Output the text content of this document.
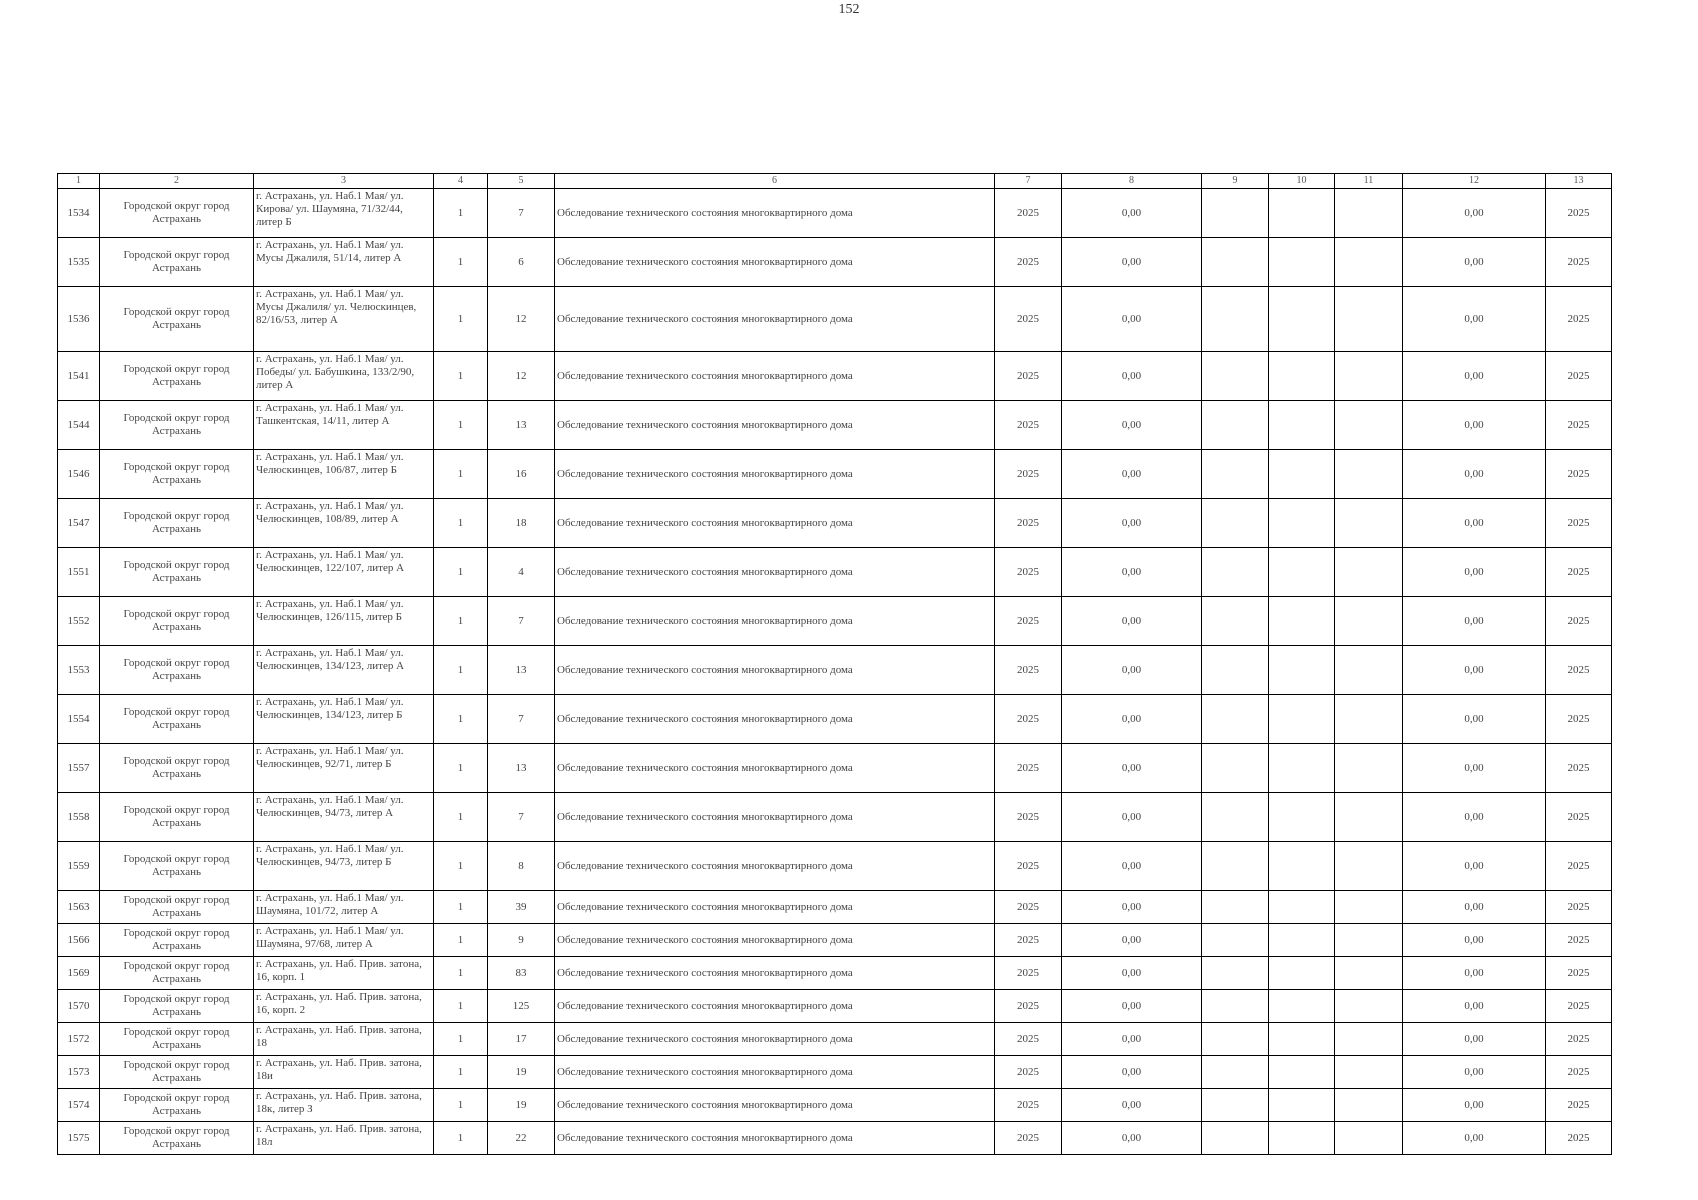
152
1	2	3	4	5	6	7	8	9	10	11	12	13
1534	Городской округ город Астрахань	г. Астрахань, ул. Наб.1 Мая/ ул. Кирова/ ул. Шаумяна, 71/32/44, литер Б	1	7	Обследование технического состояния многоквартирного дома	2025	0,00				0,00	2025
1535	Городской округ город Астрахань	г. Астрахань, ул. Наб.1 Мая/ ул. Мусы Джалиля, 51/14, литер А	1	6	Обследование технического состояния многоквартирного дома	2025	0,00				0,00	2025
1536	Городской округ город Астрахань	г. Астрахань, ул. Наб.1 Мая/ ул. Мусы Джалиля/ ул. Челюскинцев, 82/16/53, литер А	1	12	Обследование технического состояния многоквартирного дома	2025	0,00				0,00	2025
1541	Городской округ город Астрахань	г. Астрахань, ул. Наб.1 Мая/ ул. Победы/ ул. Бабушкина, 133/2/90, литер А	1	12	Обследование технического состояния многоквартирного дома	2025	0,00				0,00	2025
1544	Городской округ город Астрахань	г. Астрахань, ул. Наб.1 Мая/ ул. Ташкентская, 14/11, литер А	1	13	Обследование технического состояния многоквартирного дома	2025	0,00				0,00	2025
1546	Городской округ город Астрахань	г. Астрахань, ул. Наб.1 Мая/ ул. Челюскинцев, 106/87, литер Б	1	16	Обследование технического состояния многоквартирного дома	2025	0,00				0,00	2025
1547	Городской округ город Астрахань	г. Астрахань, ул. Наб.1 Мая/ ул. Челюскинцев, 108/89, литер А	1	18	Обследование технического состояния многоквартирного дома	2025	0,00				0,00	2025
1551	Городской округ город Астрахань	г. Астрахань, ул. Наб.1 Мая/ ул. Челюскинцев, 122/107, литер А	1	4	Обследование технического состояния многоквартирного дома	2025	0,00				0,00	2025
1552	Городской округ город Астрахань	г. Астрахань, ул. Наб.1 Мая/ ул. Челюскинцев, 126/115, литер Б	1	7	Обследование технического состояния многоквартирного дома	2025	0,00				0,00	2025
1553	Городской округ город Астрахань	г. Астрахань, ул. Наб.1 Мая/ ул. Челюскинцев, 134/123, литер А	1	13	Обследование технического состояния многоквартирного дома	2025	0,00				0,00	2025
1554	Городской округ город Астрахань	г. Астрахань, ул. Наб.1 Мая/ ул. Челюскинцев, 134/123, литер Б	1	7	Обследование технического состояния многоквартирного дома	2025	0,00				0,00	2025
1557	Городской округ город Астрахань	г. Астрахань, ул. Наб.1 Мая/ ул. Челюскинцев, 92/71, литер Б	1	13	Обследование технического состояния многоквартирного дома	2025	0,00				0,00	2025
1558	Городской округ город Астрахань	г. Астрахань, ул. Наб.1 Мая/ ул. Челюскинцев, 94/73, литер А	1	7	Обследование технического состояния многоквартирного дома	2025	0,00				0,00	2025
1559	Городской округ город Астрахань	г. Астрахань, ул. Наб.1 Мая/ ул. Челюскинцев, 94/73, литер Б	1	8	Обследование технического состояния многоквартирного дома	2025	0,00				0,00	2025
1563	Городской округ город Астрахань	г. Астрахань, ул. Наб.1 Мая/ ул. Шаумяна, 101/72, литер А	1	39	Обследование технического состояния многоквартирного дома	2025	0,00				0,00	2025
1566	Городской округ город Астрахань	г. Астрахань, ул. Наб.1 Мая/ ул. Шаумяна, 97/68, литер А	1	9	Обследование технического состояния многоквартирного дома	2025	0,00				0,00	2025
1569	Городской округ город Астрахань	г. Астрахань, ул. Наб. Прив. затона, 16, корп. 1	1	83	Обследование технического состояния многоквартирного дома	2025	0,00				0,00	2025
1570	Городской округ город Астрахань	г. Астрахань, ул. Наб. Прив. затона, 16, корп. 2	1	125	Обследование технического состояния многоквартирного дома	2025	0,00				0,00	2025
1572	Городской округ город Астрахань	г. Астрахань, ул. Наб. Прив. затона, 18	1	17	Обследование технического состояния многоквартирного дома	2025	0,00				0,00	2025
1573	Городской округ город Астрахань	г. Астрахань, ул. Наб. Прив. затона, 18и	1	19	Обследование технического состояния многоквартирного дома	2025	0,00				0,00	2025
1574	Городской округ город Астрахань	г. Астрахань, ул. Наб. Прив. затона, 18к, литер З	1	19	Обследование технического состояния многоквартирного дома	2025	0,00				0,00	2025
1575	Городской округ город Астрахань	г. Астрахань, ул. Наб. Прив. затона, 18л	1	22	Обследование технического состояния многоквартирного дома	2025	0,00				0,00	2025
